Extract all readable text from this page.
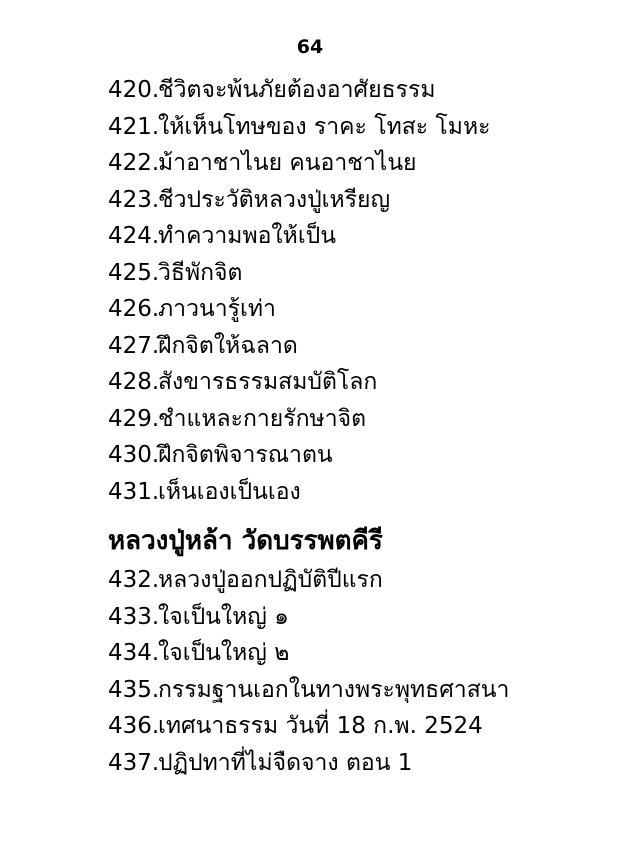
64
420.ชีวิตจะพ้นภัยต้องอาศัยธรรม
421.ให้เห็นโทษของ ราคะ โทสะ โมหะ
422.ม้าอาชาไนย คนอาชาไนย
423.ชีวประวัติหลวงปู่เหรียญ
424.ทำความพอให้เป็น
425.วิธีพักจิต
426.ภาวนารู้เท่า
427.ฝึกจิตให้ฉลาด
428.สังขารธรรมสมบัติโลก
429.ชำแหละกายรักษาจิต
430.ฝึกจิตพิจารณาตน
431.เห็นเองเป็นเอง
หลวงปู่หล้า วัดบรรพตคีรี
432.หลวงปู่ออกปฏิบัติปีแรก
433.ใจเป็นใหญ่ ๑
434.ใจเป็นใหญ่ ๒
435.กรรมฐานเอกในทางพระพุทธศาสนา
436.เทศนาธรรม วันที่ 18 ก.พ. 2524
437.ปฏิปทาที่ไม่จืดจาง ตอน 1
